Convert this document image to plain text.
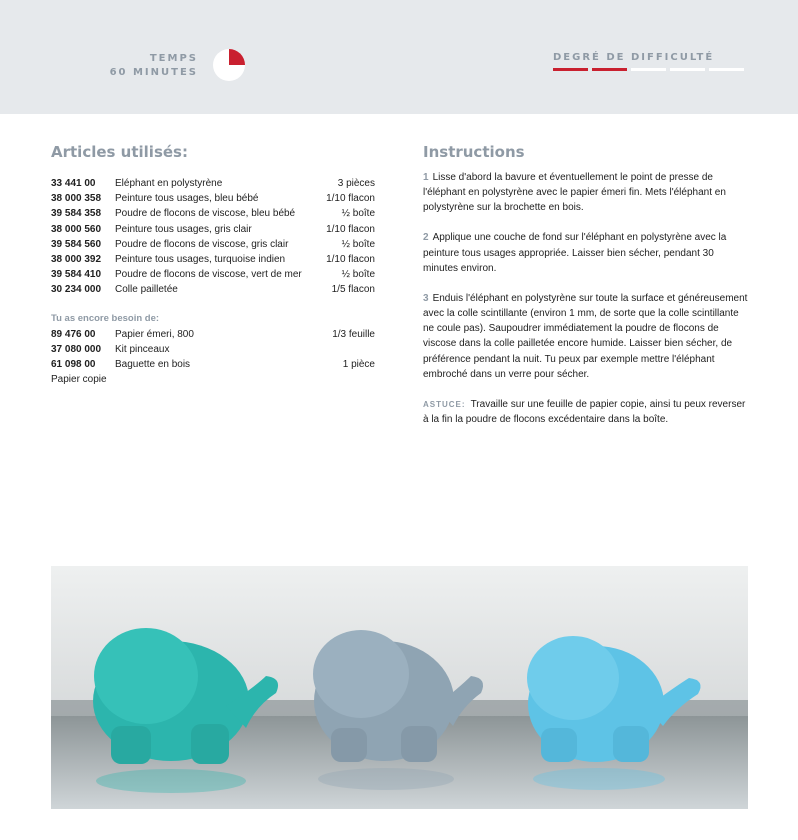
TEMPS
60 MINUTES
DEGRÉ DE DIFFICULTÉ
Articles utilisés:
33 441 00	Eléphant en polystyrène	3 pièces
38 000 358	Peinture tous usages, bleu bébé	1/10 flacon
39 584 358	Poudre de flocons de viscose, bleu bébé	½ boîte
38 000 560	Peinture tous usages, gris clair	1/10 flacon
39 584 560	Poudre de flocons de viscose, gris clair	½ boîte
38 000 392	Peinture tous usages, turquoise indien	1/10 flacon
39 584 410	Poudre de flocons de viscose, vert de mer	½ boîte
30 234 000	Colle pailletée	1/5 flacon
Tu as encore besoin de:
89 476 00	Papier émeri, 800	1/3 feuille
37 080 000	Kit pinceaux
61 098 00	Baguette en bois	1 pièce
Papier copie
Instructions

1 Lisse d'abord la bavure et éventuellement le point de presse de l'éléphant en polystyrène avec le papier émeri fin. Mets l'éléphant en polystyrène sur la brochette en bois.

2 Applique une couche de fond sur l'éléphant en polystyrène avec la peinture tous usages appropriée. Laisser bien sécher, pendant 30 minutes environ.

3 Enduis l'éléphant en polystyrène sur toute la surface et généreusement avec la colle scintillante (environ 1 mm, de sorte que la colle scintillante ne coule pas). Saupoudrer immédiatement la poudre de flocons de viscose dans la colle pailletée encore humide. Laisser bien sécher, de préférence pendant la nuit. Tu peux par exemple mettre l'éléphant embroché dans un verre pour sécher.

ASTUCE: Travaille sur une feuille de papier copie, ainsi tu peux reverser à la fin la poudre de flocons excédentaire dans la boîte.
